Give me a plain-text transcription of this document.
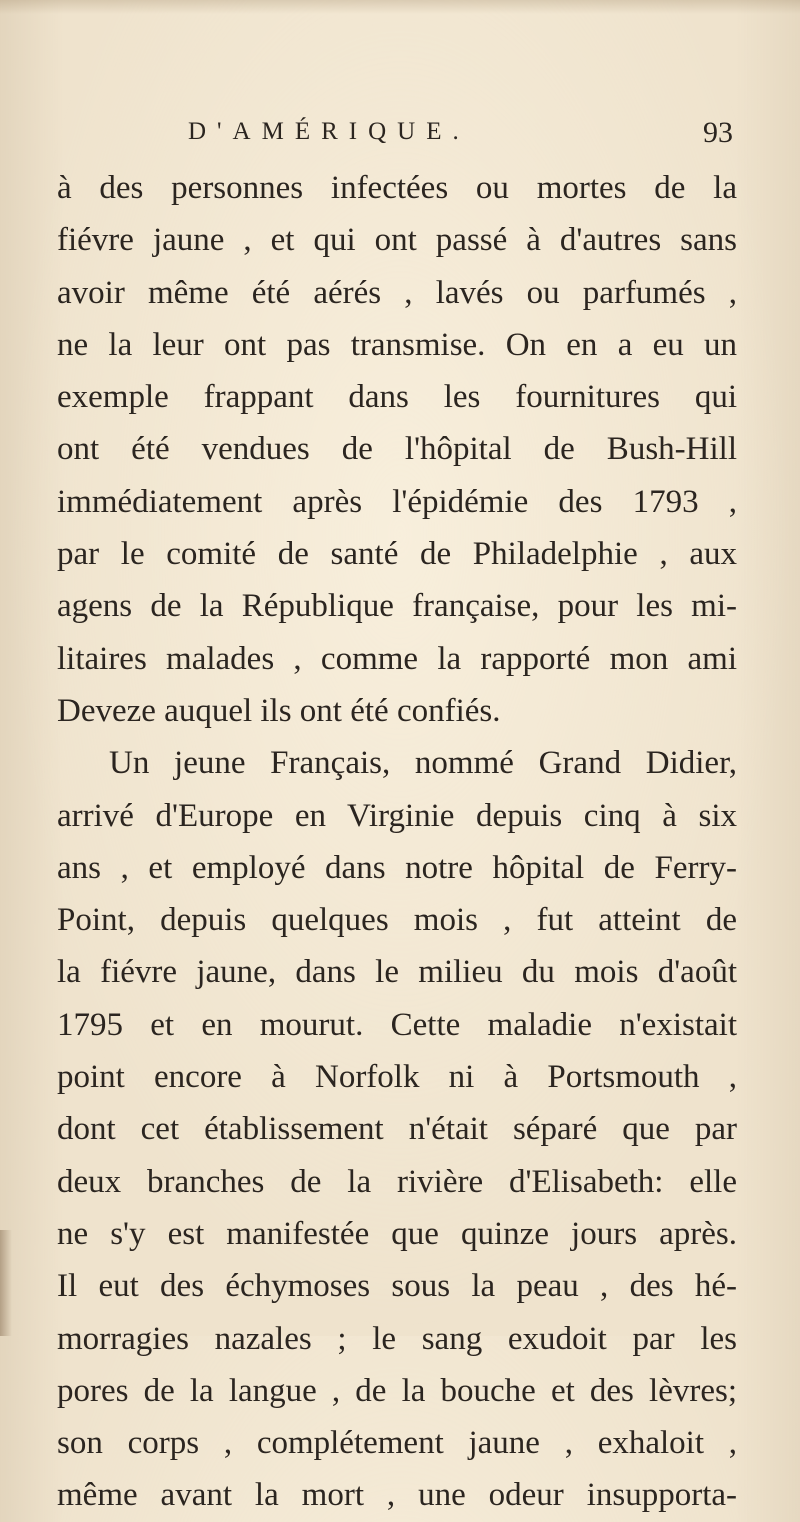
D'AMÉRIQUE.	93
à des personnes infectées ou mortes de la
fiévre jaune , et qui ont passé à d'autres sans
avoir même été aérés , lavés ou parfumés ,
ne la leur ont pas transmise. On en a eu un
exemple frappant dans les fournitures qui
ont été vendues de l'hôpital de Bush-Hill
immédiatement après l'épidémie des 1793 ,
par le comité de santé de Philadelphie , aux
agens de la République française, pour les mi-
litaires malades , comme la rapporté mon ami
Deveze auquel ils ont été confiés.
Un jeune Français, nommé Grand Didier,
arrivé d'Europe en Virginie depuis cinq à six
ans , et employé dans notre hôpital de Ferry-
Point, depuis quelques mois , fut atteint de
la fiévre jaune, dans le milieu du mois d'août
1795 et en mourut. Cette maladie n'existait
point encore à Norfolk ni à Portsmouth ,
dont cet établissement n'était séparé que par
deux branches de la rivière d'Elisabeth: elle
ne s'y est manifestée que quinze jours après.
Il eut des échymoses sous la peau , des hé-
morragies nazales ; le sang exudoit par les
pores de la langue , de la bouche et des lèvres;
son corps , complétement jaune , exhaloit ,
même avant la mort , une odeur insupporta-
